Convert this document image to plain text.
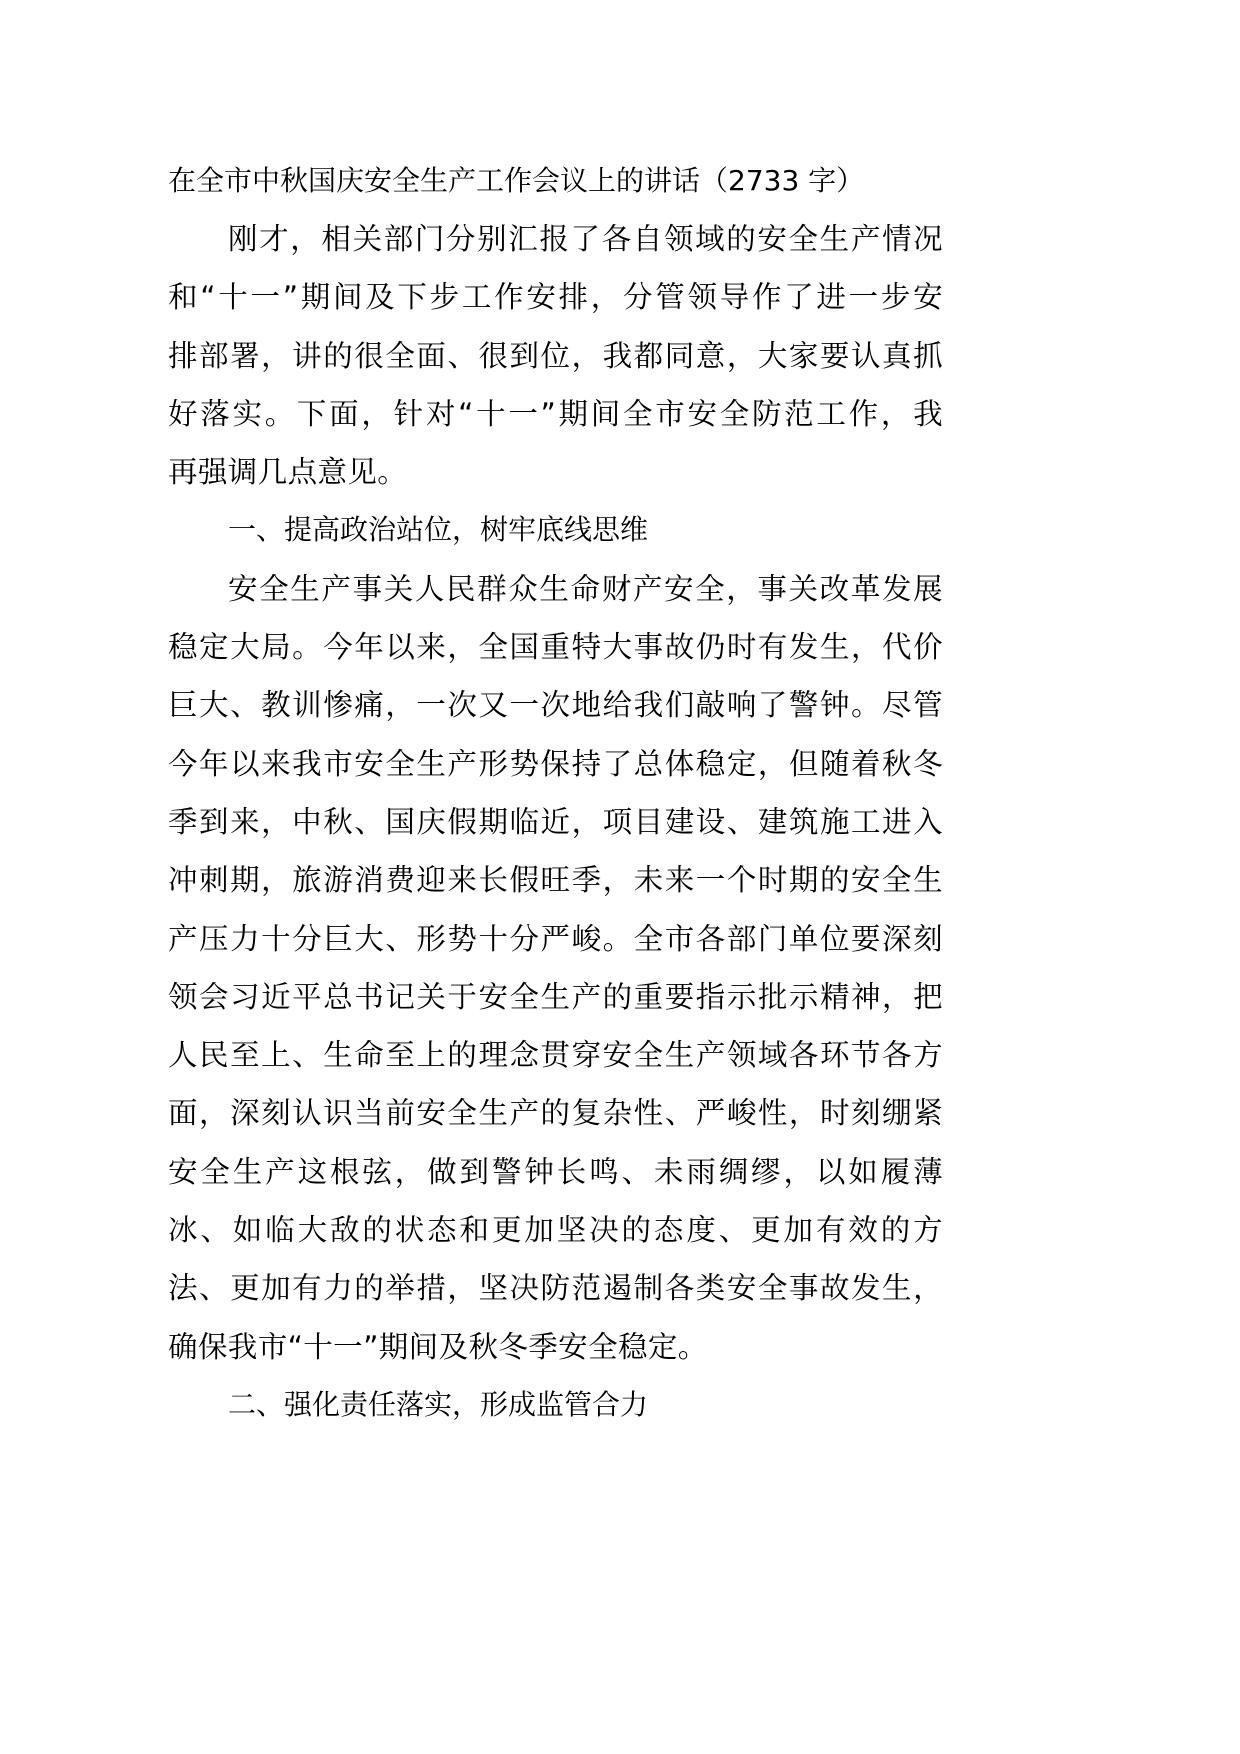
在全市中秋国庆安全生产工作会议上的讲话（2733 字）

刚才，相关部门分别汇报了各自领域的安全生产情况
和“十一”期间及下步工作安排，分管领导作了进一步安
排部署，讲的很全面、很到位，我都同意，大家要认真抓
好落实。下面，针对“十一”期间全市安全防范工作，我
再强调几点意见。

一、提高政治站位，树牢底线思维

安全生产事关人民群众生命财产安全，事关改革发展
稳定大局。今年以来，全国重特大事故仍时有发生，代价
巨大、教训惨痛，一次又一次地给我们敲响了警钟。尽管
今年以来我市安全生产形势保持了总体稳定，但随着秋冬
季到来，中秋、国庆假期临近，项目建设、建筑施工进入
冲刺期，旅游消费迎来长假旺季，未来一个时期的安全生
产压力十分巨大、形势十分严峻。全市各部门单位要深刻
领会习近平总书记关于安全生产的重要指示批示精神，把
人民至上、生命至上的理念贯穿安全生产领域各环节各方
面，深刻认识当前安全生产的复杂性、严峻性，时刻绷紧
安全生产这根弦，做到警钟长鸣、未雨绸缪，以如履薄
冰、如临大敌的状态和更加坚决的态度、更加有效的方
法、更加有力的举措，坚决防范遏制各类安全事故发生，
确保我市“十一”期间及秋冬季安全稳定。

二、强化责任落实，形成监管合力
